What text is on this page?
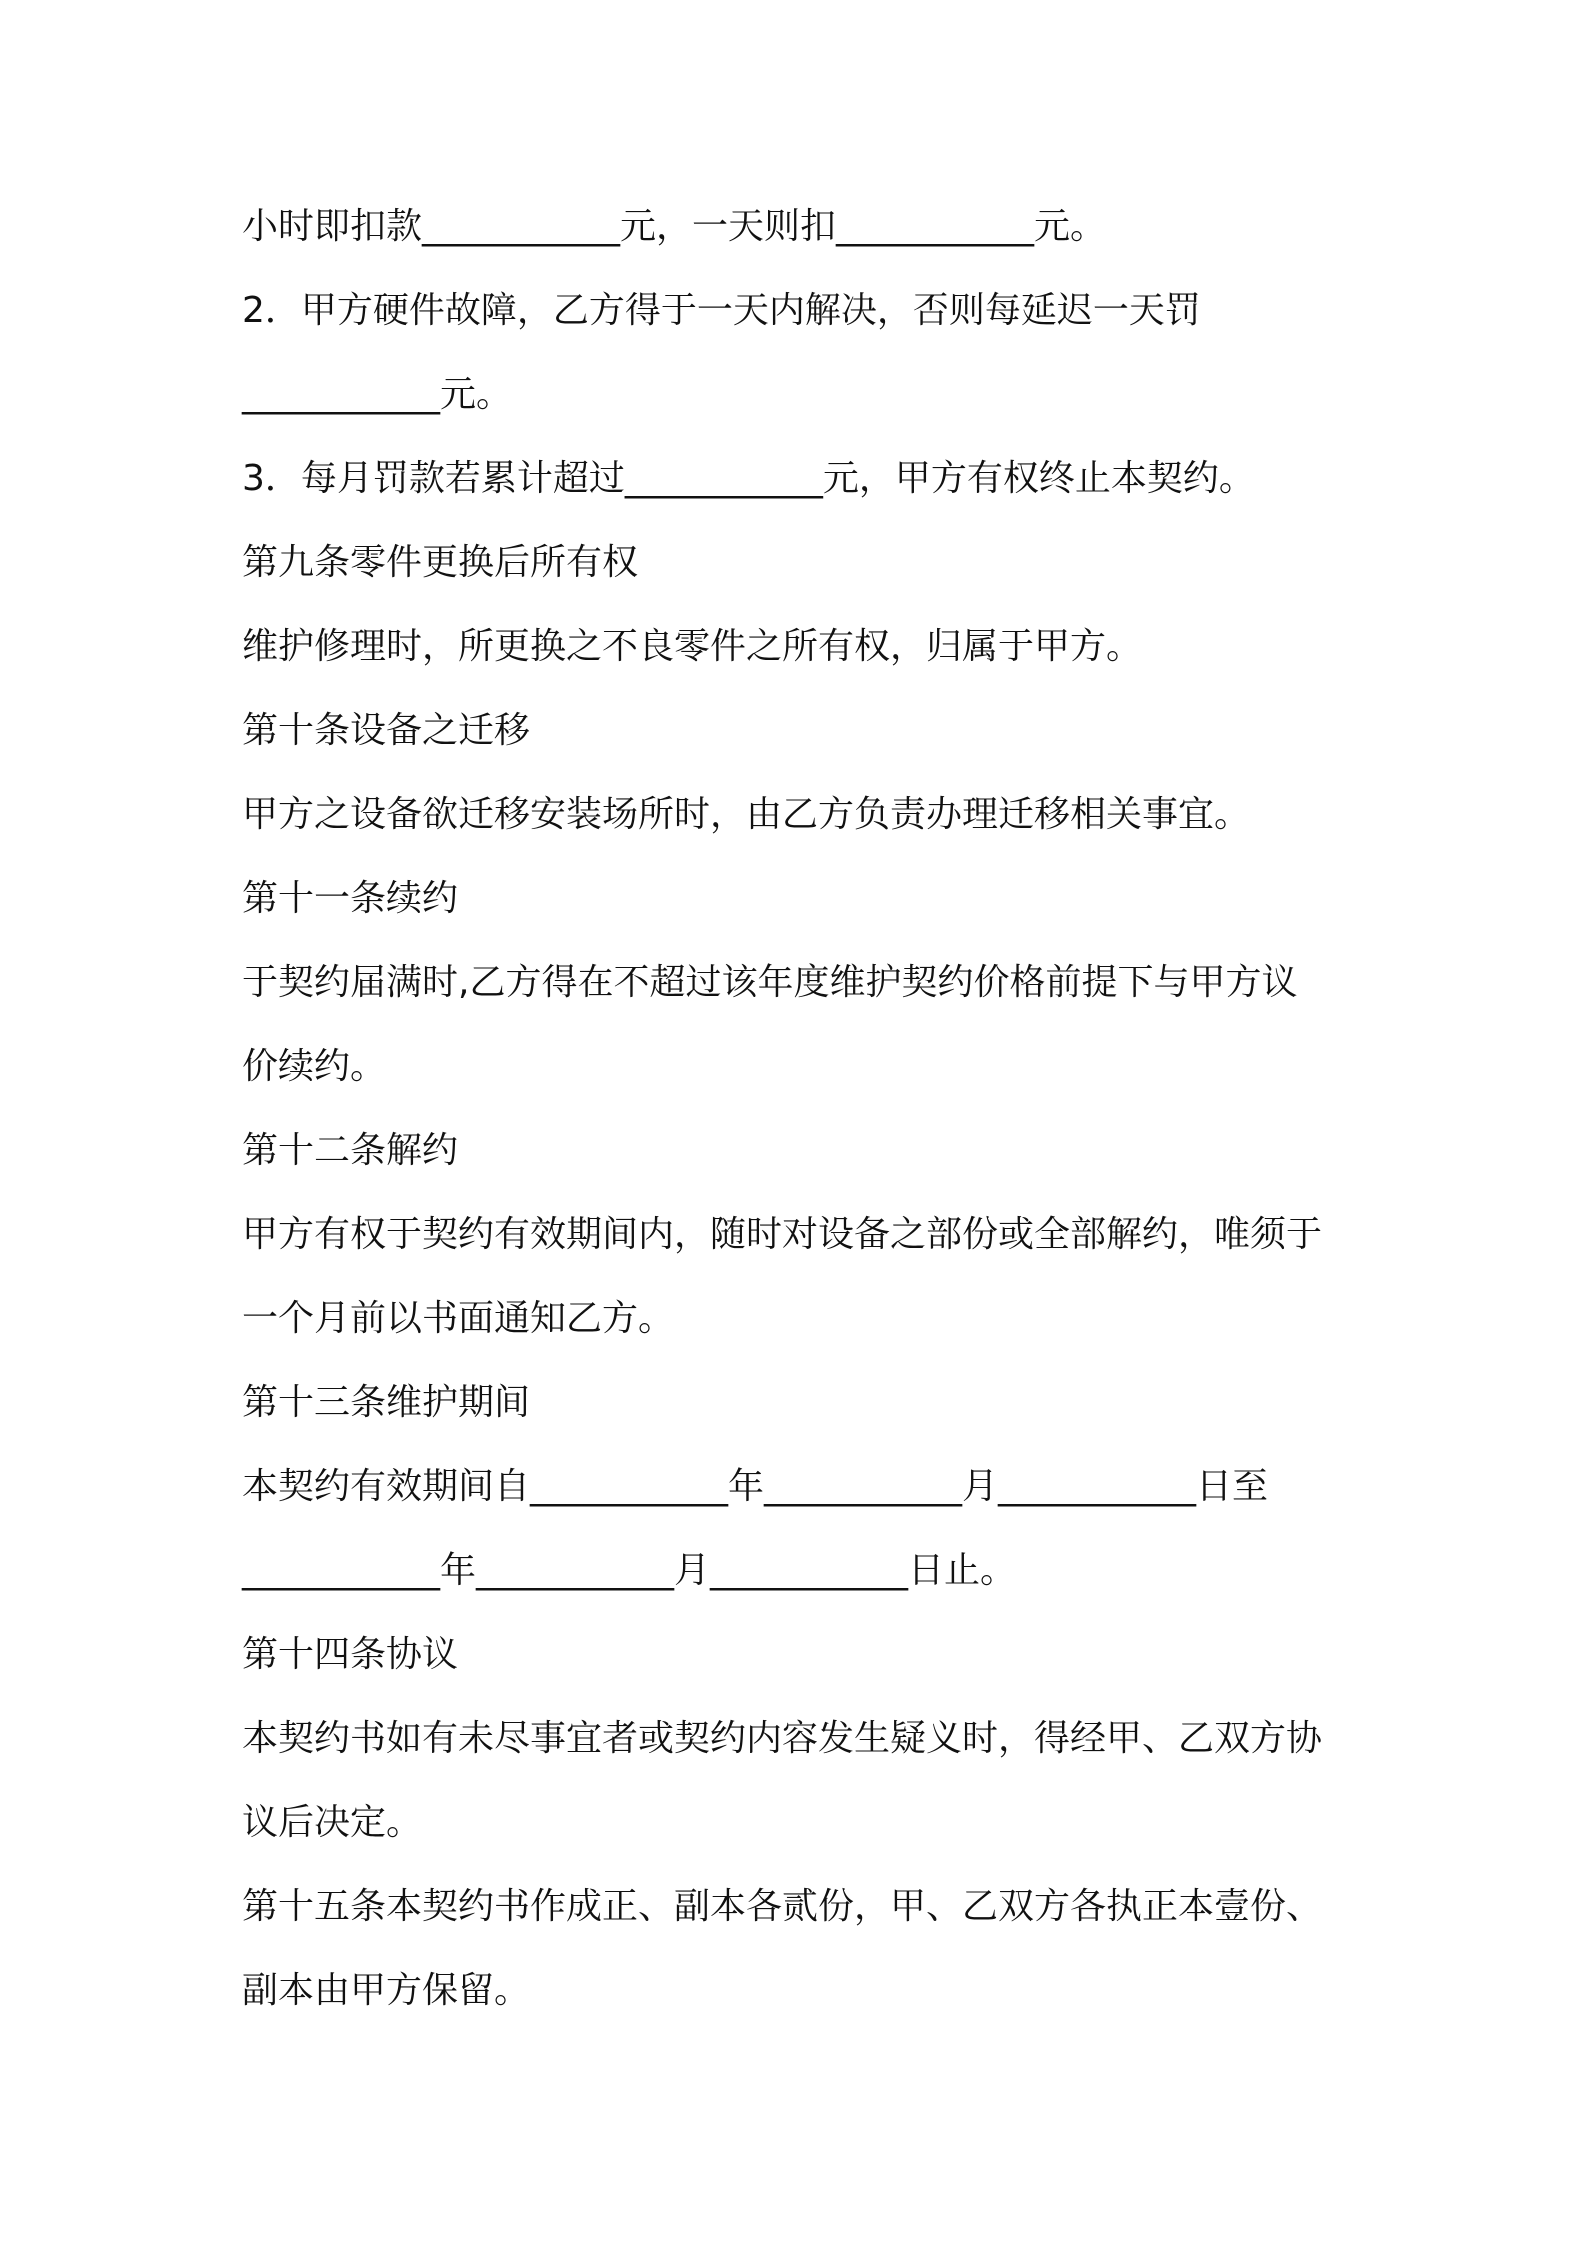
小时即扣款___________元，一天则扣___________元。
2．甲方硬件故障，乙方得于一天内解决，否则每延迟一天罚
___________元。
3．每月罚款若累计超过___________元，甲方有权终止本契约。
第九条零件更换后所有权
维护修理时，所更换之不良零件之所有权，归属于甲方。
第十条设备之迁移
甲方之设备欲迁移安装场所时，由乙方负责办理迁移相关事宜。
第十一条续约
于契约届满时,乙方得在不超过该年度维护契约价格前提下与甲方议
价续约。
第十二条解约
甲方有权于契约有效期间内，随时对设备之部份或全部解约，唯须于
一个月前以书面通知乙方。
第十三条维护期间
本契约有效期间自___________年___________月___________日至
___________年___________月___________日止。
第十四条协议
本契约书如有未尽事宜者或契约内容发生疑义时，得经甲、乙双方协
议后决定。
第十五条本契约书作成正、副本各贰份，甲、乙双方各执正本壹份、
副本由甲方保留。
